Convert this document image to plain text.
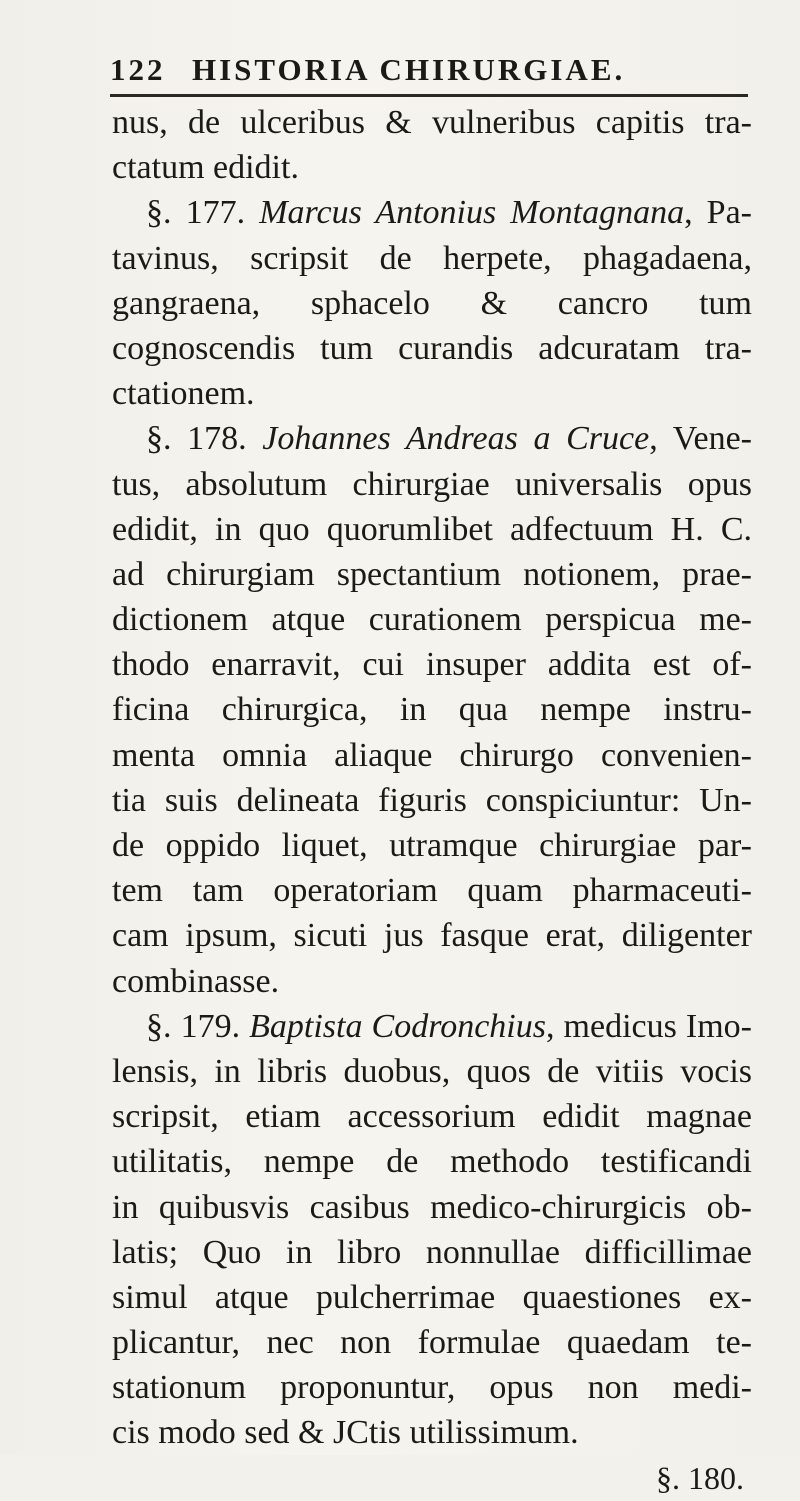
122 HISTORIA CHIRURGIAE.
nus, de ulceribus & vulneribus capitis tra-
ctatum edidit.
§. 177. Marcus Antonius Montagnana, Pa-
tavinus, scripsit de herpete, phagadaena,
gangraena, sphacelo & cancro tum
cognoscendis tum curandis adcuratam tra-
ctationem.
§. 178. Johannes Andreas a Cruce, Vene-
tus, absolutum chirurgiae universalis opus
edidit, in quo quorumlibet adfectuum H. C.
ad chirurgiam spectantium notionem, prae-
dictionem atque curationem perspicua me-
thodo enarravit, cui insuper addita est of-
ficina chirurgica, in qua nempe instru-
menta omnia aliaque chirurgo convenien-
tia suis delineata figuris conspiciuntur: Un-
de oppido liquet, utramque chirurgiae par-
tem tam operatoriam quam pharmaceuti-
cam ipsum, sicuti jus fasque erat, diligenter
combinasse.
§. 179. Baptista Codronchius, medicus Imo-
lensis, in libris duobus, quos de vitiis vocis
scripsit, etiam accessorium edidit magnae
utilitatis, nempe de methodo testificandi
in quibusvis casibus medico-chirurgicis ob-
latis; Quo in libro nonnullae difficillimae
simul atque pulcherrimae quaestiones ex-
plicantur, nec non formulae quaedam te-
stationum proponuntur, opus non medi-
cis modo sed & JCtis utilissimum.
§. 180.
